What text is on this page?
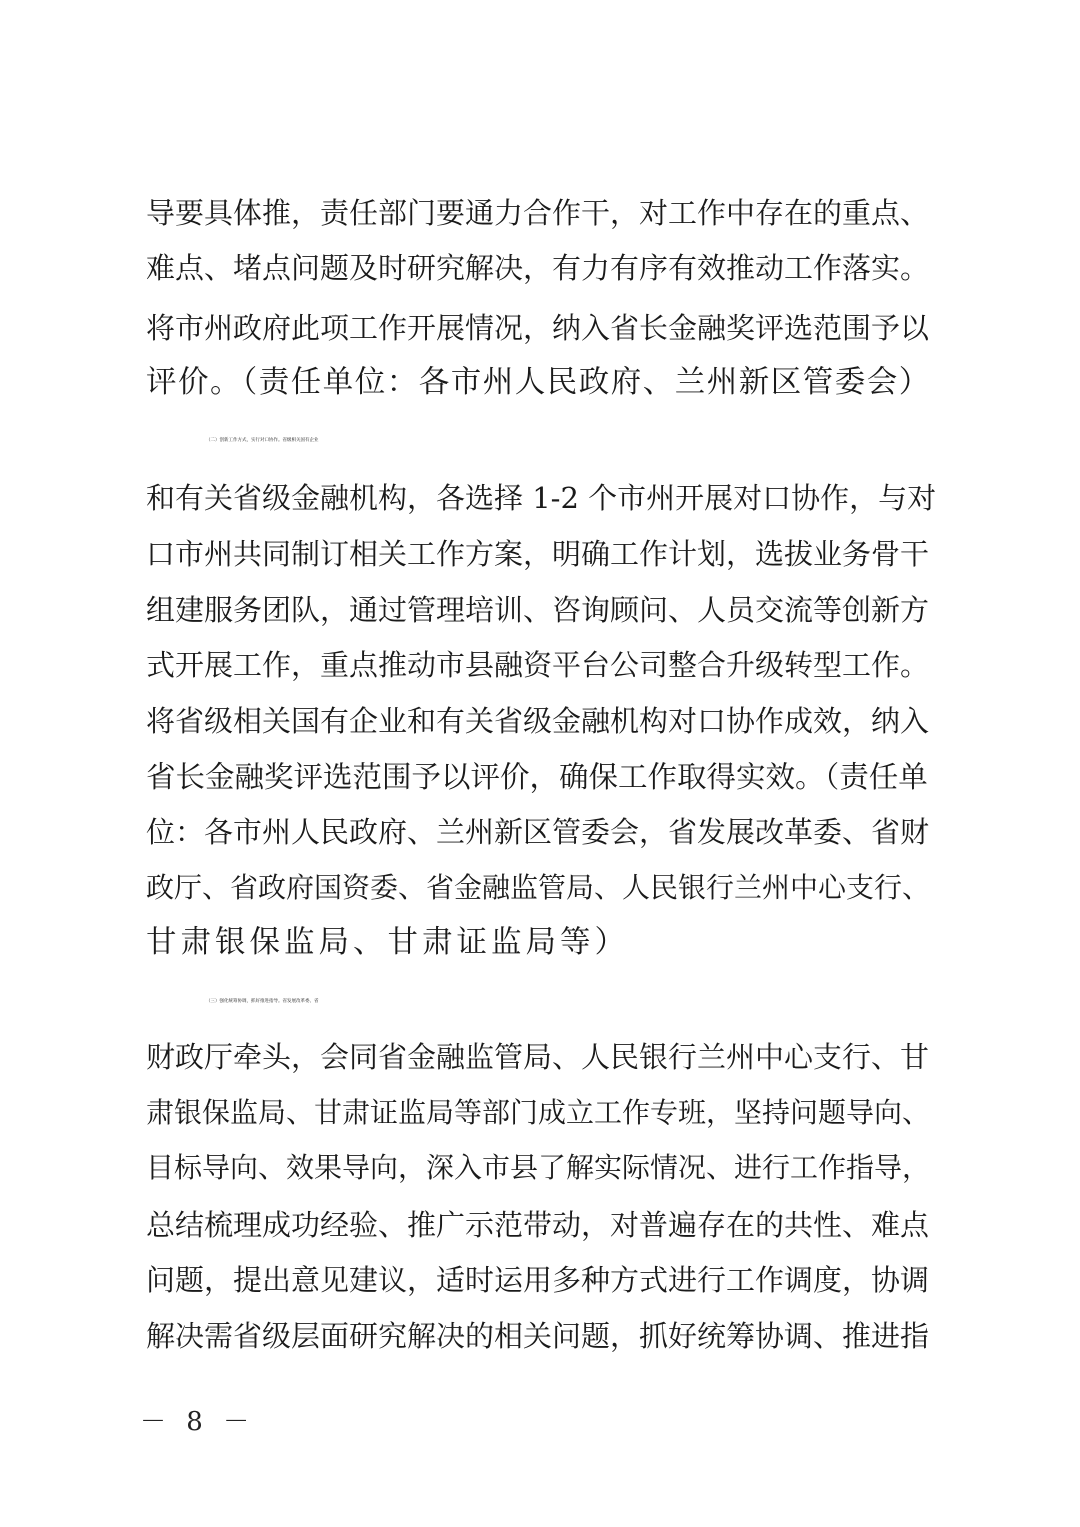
导要具体推，责任部门要通力合作干，对工作中存在的重点、
难点、堵点问题及时研究解决，有力有序有效推动工作落实。
将市州政府此项工作开展情况，纳入省长金融奖评选范围予以
评价。（责任单位：各市州人民政府、兰州新区管委会）
（二）创新工作方式，实行对口协作。省级相关国有企业
和有关省级金融机构，各选择 1-2 个市州开展对口协作，与对
口市州共同制订相关工作方案，明确工作计划，选拔业务骨干
组建服务团队，通过管理培训、咨询顾问、人员交流等创新方
式开展工作，重点推动市县融资平台公司整合升级转型工作。
将省级相关国有企业和有关省级金融机构对口协作成效，纳入
省长金融奖评选范围予以评价，确保工作取得实效。（责任单
位：各市州人民政府、兰州新区管委会，省发展改革委、省财
政厅、省政府国资委、省金融监管局、人民银行兰州中心支行、
甘肃银保监局、甘肃证监局等）
（三）强化统筹协调，抓好推进指导。省发展改革委、省
财政厅牵头，会同省金融监管局、人民银行兰州中心支行、甘
肃银保监局、甘肃证监局等部门成立工作专班，坚持问题导向、
目标导向、效果导向，深入市县了解实际情况、进行工作指导，
总结梳理成功经验、推广示范带动，对普遍存在的共性、难点
问题，提出意见建议，适时运用多种方式进行工作调度，协调
解决需省级层面研究解决的相关问题，抓好统筹协调、推进指
－ 8 －
